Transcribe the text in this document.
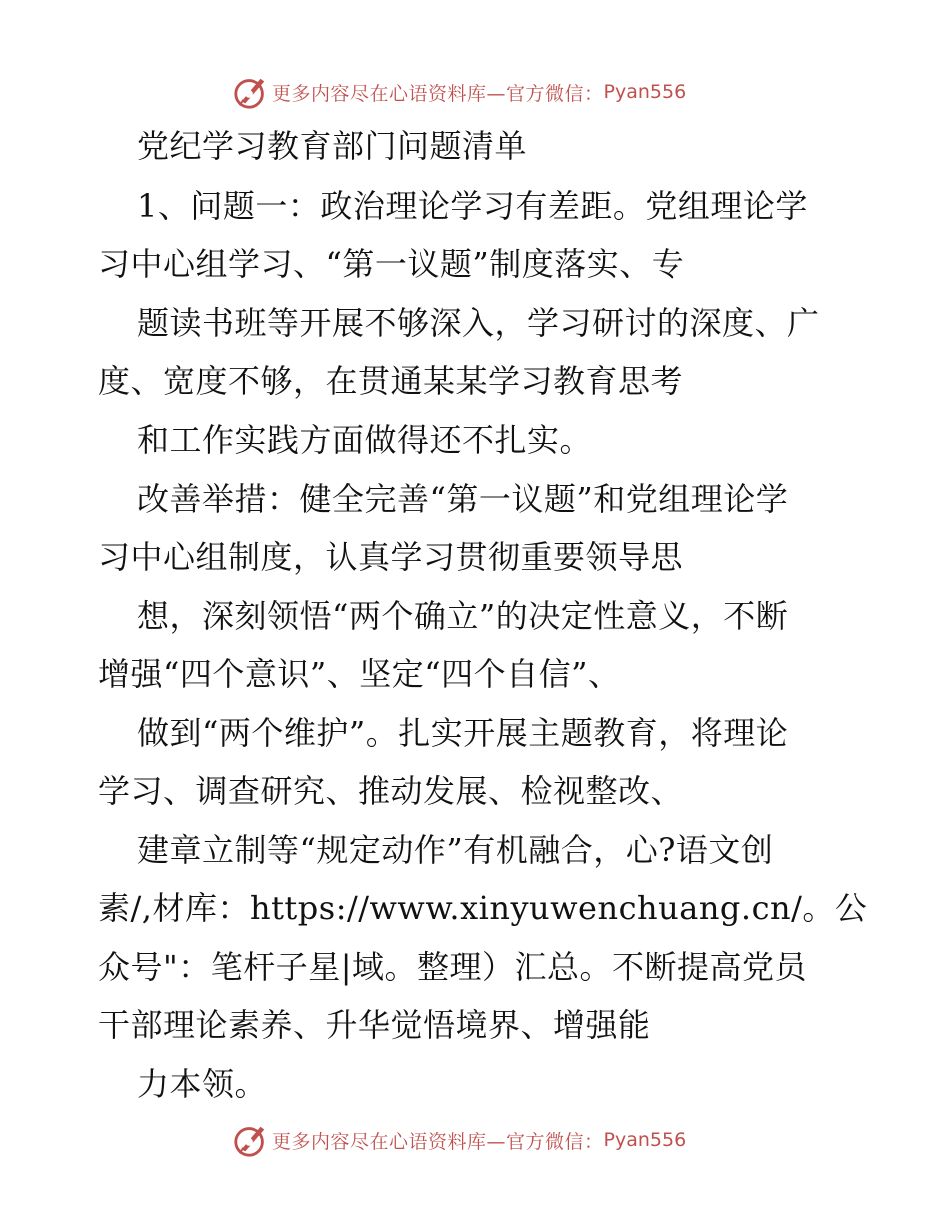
更多内容尽在心语资料库—官方微信： Pyan556
党纪学习教育部门问题清单
1、问题一：政治理论学习有差距。党组理论学
习中心组学习、“第一议题”制度落实、专
题读书班等开展不够深入，学习研讨的深度、广
度、宽度不够，在贯通某某学习教育思考
和工作实践方面做得还不扎实。
改善举措：健全完善“第一议题”和党组理论学
习中心组制度，认真学习贯彻重要领导思
想，深刻领悟“两个确立”的决定性意义，不断
增强“四个意识”、坚定“四个自信”、
做到“两个维护”。扎实开展主题教育，将理论
学习、调查研究、推动发展、检视整改、
建章立制等“规定动作”有机融合，心?语文创
素/,材库：https://www.xinyuwenchuang.cn/。公
众号"：笔杆子星|域。整理）汇总。不断提高党员
干部理论素养、升华觉悟境界、增强能
力本领。
更多内容尽在心语资料库—官方微信： Pyan556
